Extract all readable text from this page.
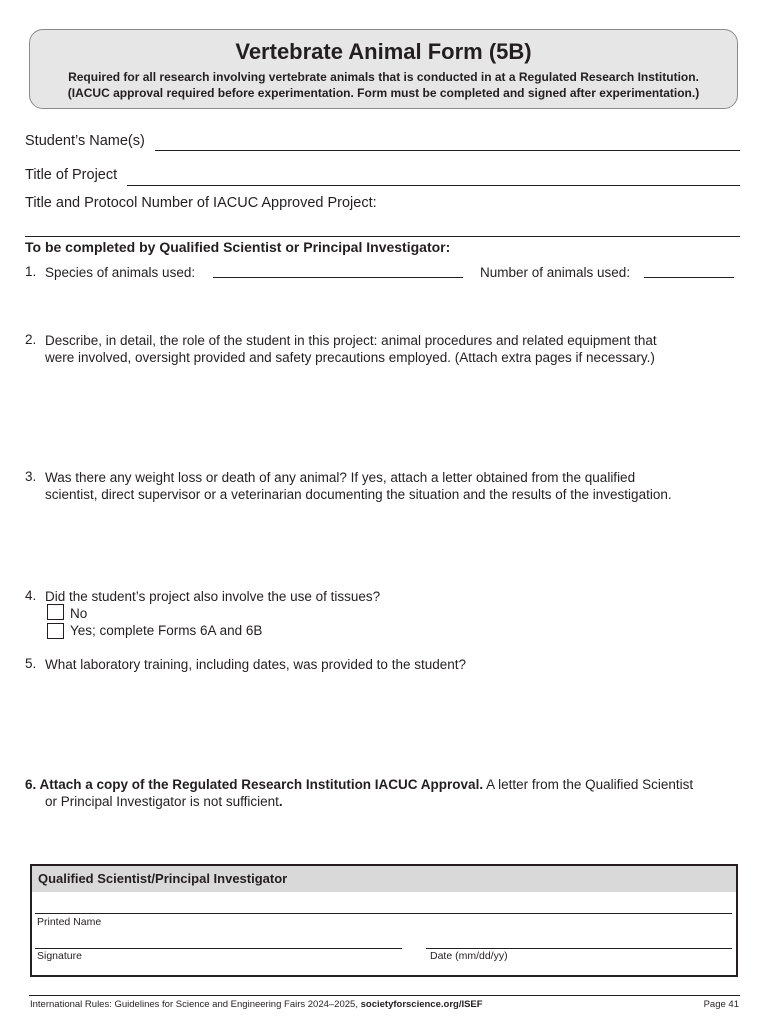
Vertebrate Animal Form (5B)
Required for all research involving vertebrate animals that is conducted in at a Regulated Research Institution.
(IACUC approval required before experimentation. Form must be completed and signed after experimentation.)
Student’s Name(s)
Title of Project
Title and Protocol Number of IACUC Approved Project:
To be completed by Qualified Scientist or Principal Investigator:
1. Species of animals used:	Number of animals used:
2. Describe, in detail, the role of the student in this project: animal procedures and related equipment that
were involved, oversight provided and safety precautions employed. (Attach extra pages if necessary.)
3. Was there any weight loss or death of any animal? If yes, attach a letter obtained from the qualified
scientist, direct supervisor or a veterinarian documenting the situation and the results of the investigation.
4. Did the student’s project also involve the use of tissues?
No
Yes; complete Forms 6A and 6B
5. What laboratory training, including dates, was provided to the student?
6. Attach a copy of the Regulated Research Institution IACUC Approval. A letter from the Qualified Scientist
or Principal Investigator is not sufficient.
Qualified Scientist/Principal Investigator
Printed Name
Signature	Date (mm/dd/yy)
International Rules: Guidelines for Science and Engineering Fairs 2024–2025, societyforscience.org/ISEF	Page 41
